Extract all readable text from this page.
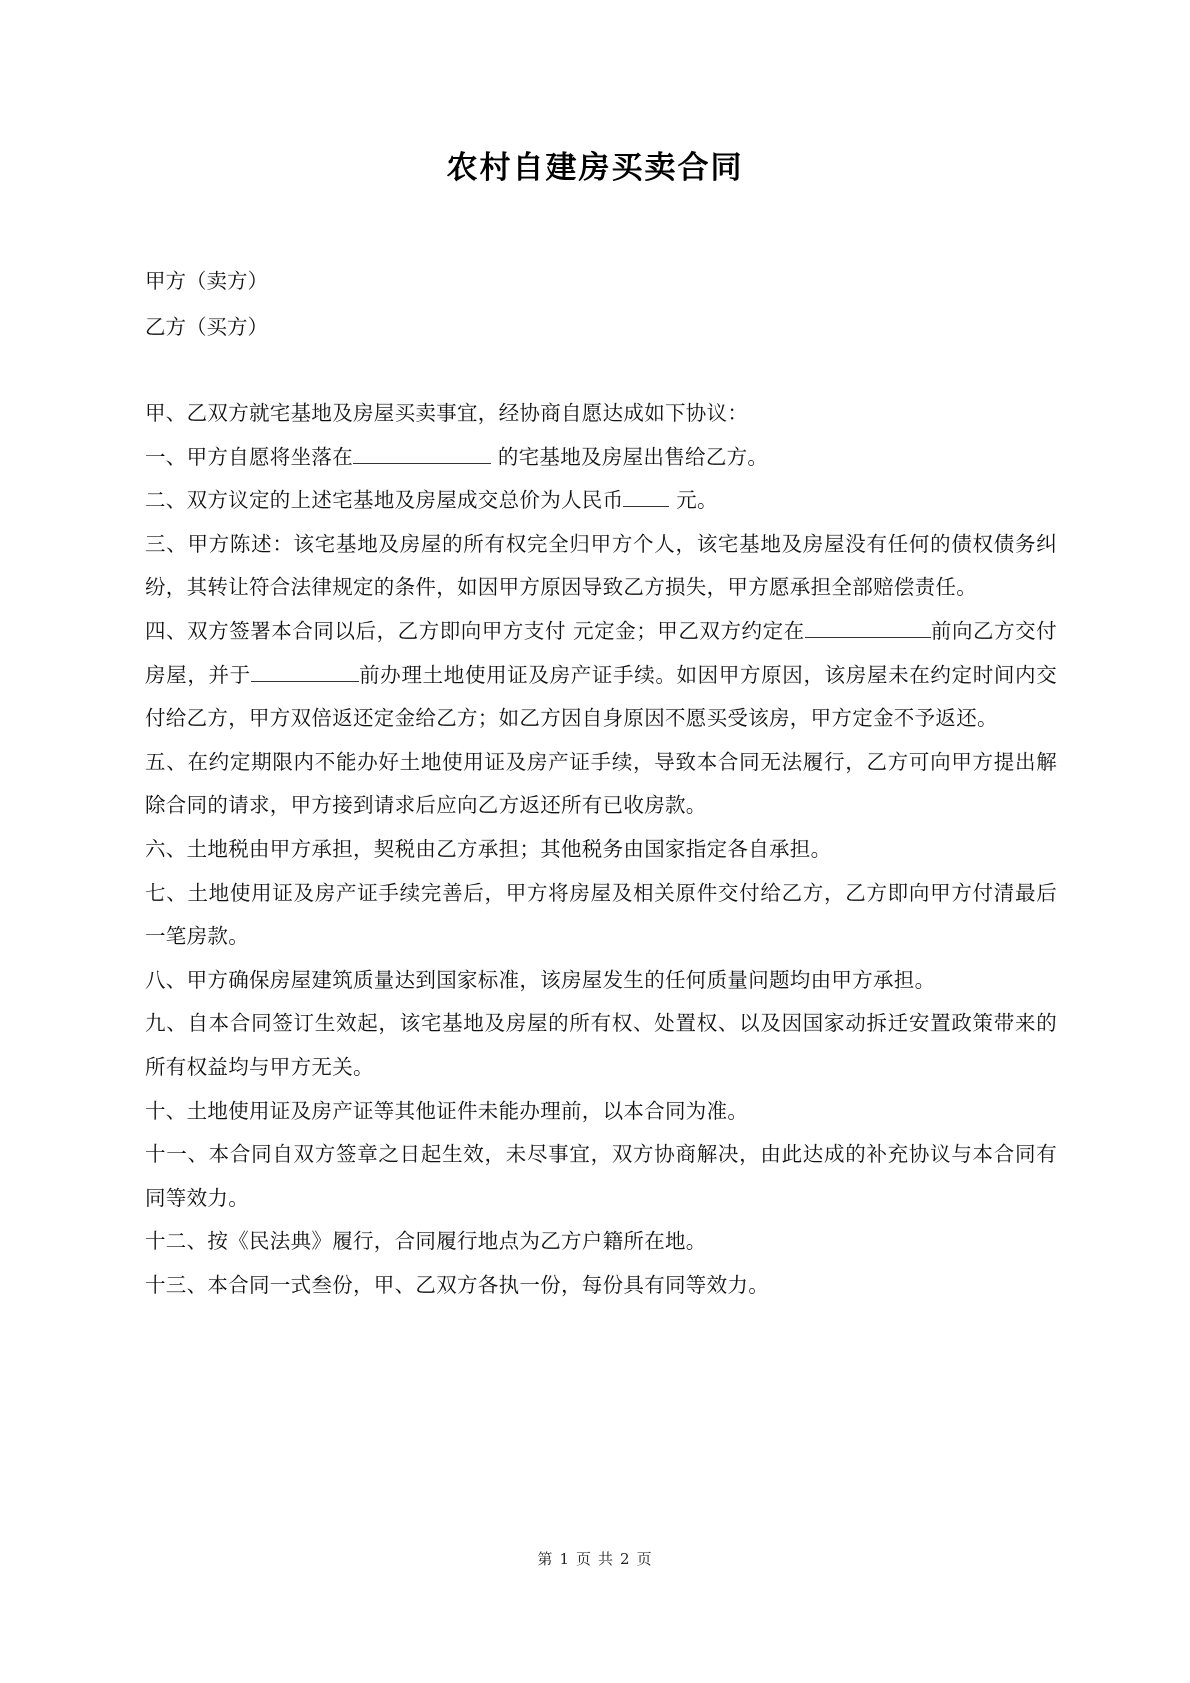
农村自建房买卖合同
甲方（卖方）
乙方（买方）

甲、乙双方就宅基地及房屋买卖事宜，经协商自愿达成如下协议：

一、甲方自愿将坐落在	的宅基地及房屋出售给乙方。

二、双方议定的上述宅基地及房屋成交总价为人民币 元。

三、甲方陈述：该宅基地及房屋的所有权完全归甲方个人，该宅基地及房屋没有任何的债权债务纠纷，其转让符合法律规定的条件，如因甲方原因导致乙方损失，甲方愿承担全部赔偿责任。

四、双方签署本合同以后，乙方即向甲方支付 元定金；甲乙双方约定在	前向乙方交付房屋，并于	前办理土地使用证及房产证手续。如因甲方原因，该房屋未在约定时间内交付给乙方，甲方双倍返还定金给乙方；如乙方因自身原因不愿买受该房，甲方定金不予返还。

五、在约定期限内不能办好土地使用证及房产证手续，导致本合同无法履行，乙方可向甲方提出解除合同的请求，甲方接到请求后应向乙方返还所有已收房款。

六、土地税由甲方承担，契税由乙方承担；其他税务由国家指定各自承担。

七、土地使用证及房产证手续完善后，甲方将房屋及相关原件交付给乙方，乙方即向甲方付清最后一笔房款。

八、甲方确保房屋建筑质量达到国家标准，该房屋发生的任何质量问题均由甲方承担。

九、自本合同签订生效起，该宅基地及房屋的所有权、处置权、以及因国家动拆迁安置政策带来的所有权益均与甲方无关。

十、土地使用证及房产证等其他证件未能办理前，以本合同为准。

十一、本合同自双方签章之日起生效，未尽事宜，双方协商解决，由此达成的补充协议与本合同有同等效力。

十二、按《民法典》履行，合同履行地点为乙方户籍所在地。

十三、本合同一式叁份，甲、乙双方各执一份，每份具有同等效力。

第 1 页 共 2 页
